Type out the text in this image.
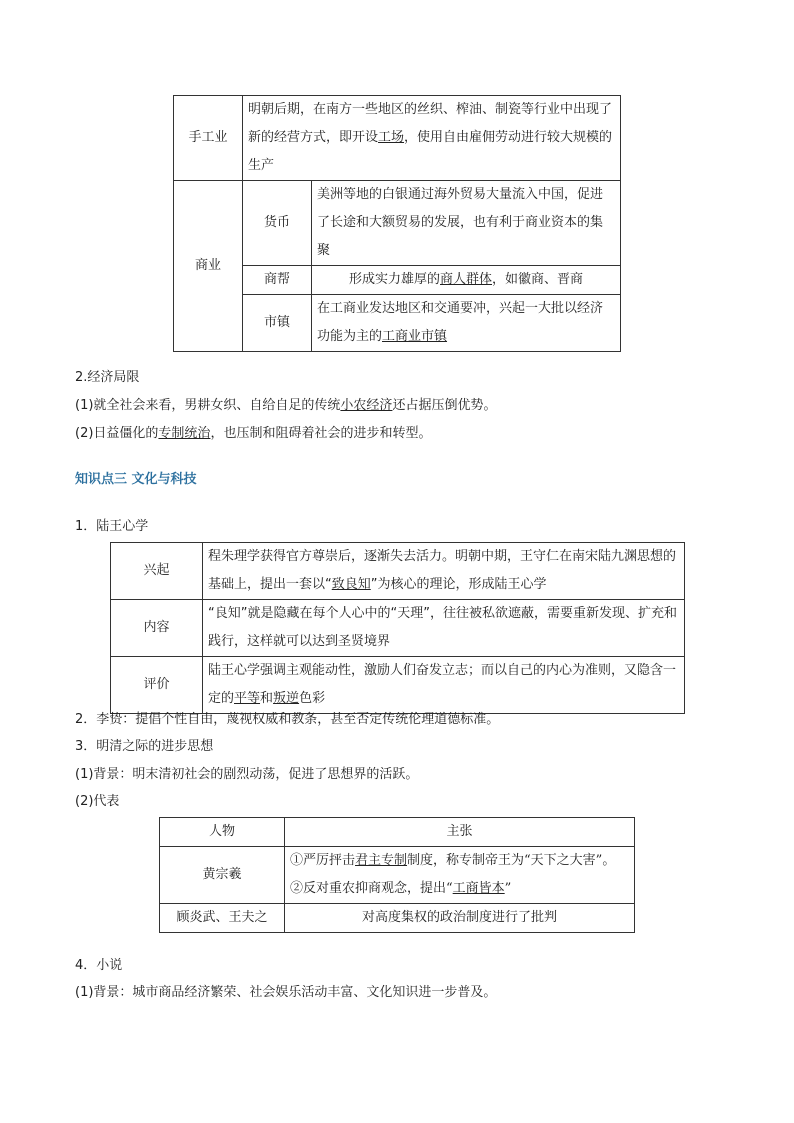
手工业	明朝后期，在南方一些地区的丝织、榨油、制瓷等行业中出现了新的经营方式，即开设工场，使用自由雇佣劳动进行较大规模的生产	
商业	货币	美洲等地的白银通过海外贸易大量流入中国，促进了长途和大额贸易的发展，也有利于商业资本的集聚
	商帮	形成实力雄厚的商人群体，如徽商、晋商
	市镇	在工商业发达地区和交通要冲，兴起一大批以经济功能为主的工商业市镇
2.经济局限
(1)就全社会来看，男耕女织、自给自足的传统小农经济还占据压倒优势。
(2)日益僵化的专制统治，也压制和阻碍着社会的进步和转型。
知识点三 文化与科技
1．陆王心学
兴起	程朱理学获得官方尊崇后，逐渐失去活力。明朝中期，王守仁在南宋陆九渊思想的基础上，提出一套以“致良知”为核心的理论，形成陆王心学
内容	“良知”就是隐藏在每个人心中的“天理”，往往被私欲遮蔽，需要重新发现、扩充和践行，这样就可以达到圣贤境界
评价	陆王心学强调主观能动性，激励人们奋发立志；而以自己的内心为准则，又隐含一定的平等和叛逆色彩
2．李贽：提倡个性自由，蔑视权威和教条，甚至否定传统伦理道德标准。
3．明清之际的进步思想
(1)背景：明末清初社会的剧烈动荡，促进了思想界的活跃。
(2)代表
人物	主张
黄宗羲	①严厉抨击君主专制制度，称专制帝王为“天下之大害”。
②反对重农抑商观念，提出“工商皆本”

顾炎武、王夫之	对高度集权的政治制度进行了批判
4．小说
(1)背景：城市商品经济繁荣、社会娱乐活动丰富、文化知识进一步普及。
